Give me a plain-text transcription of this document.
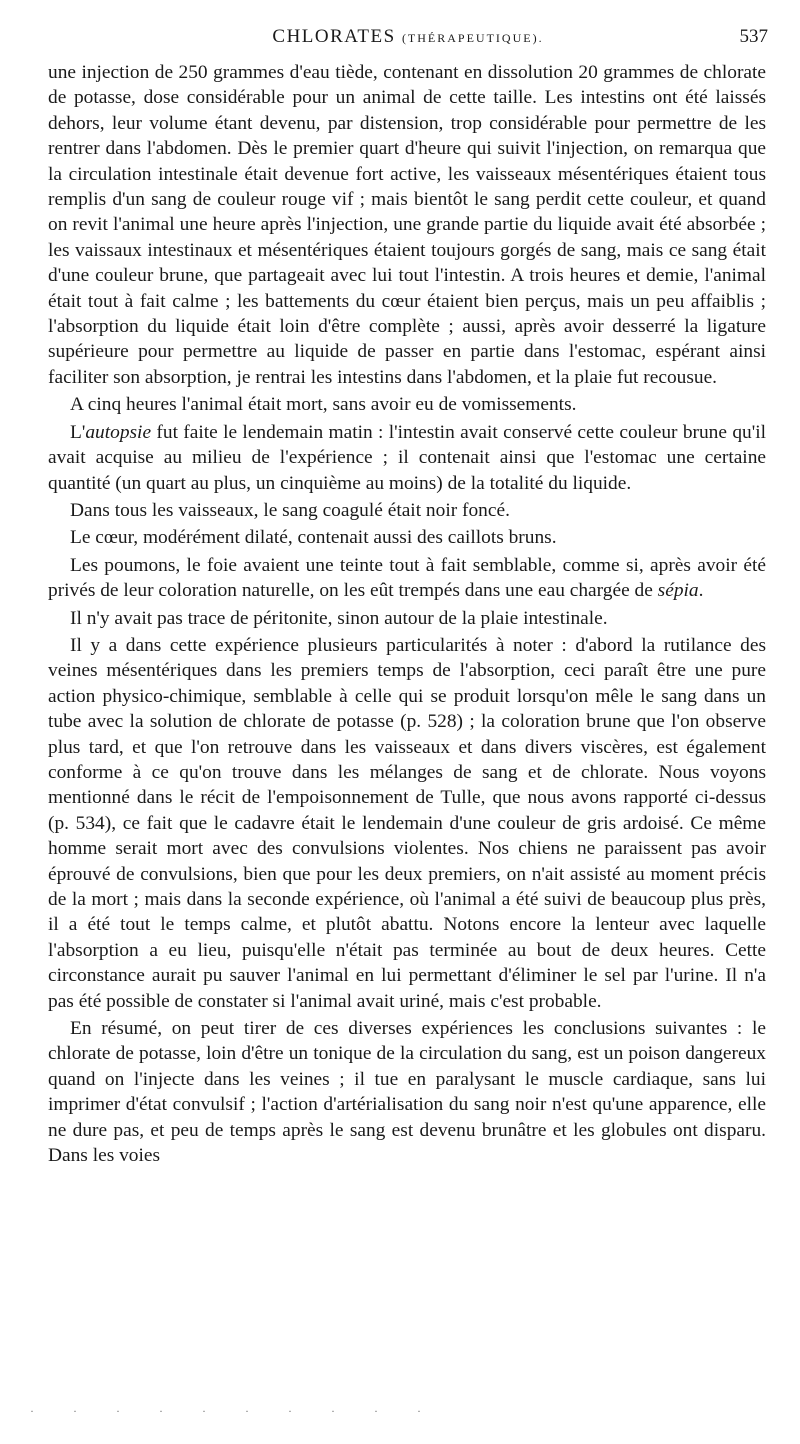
CHLORATES (THÉRAPEUTIQUE).	537

une injection de 250 grammes d'eau tiède, contenant en dissolution 20 grammes de chlorate de potasse, dose considérable pour un animal de cette taille. Les intestins ont été laissés dehors, leur volume étant devenu, par distension, trop considérable pour permettre de les rentrer dans l'abdomen. Dès le premier quart d'heure qui suivit l'injection, on remarqua que la circulation intestinale était devenue fort active, les vaisseaux mésentériques étaient tous remplis d'un sang de couleur rouge vif ; mais bientôt le sang perdit cette couleur, et quand on revit l'animal une heure après l'injection, une grande partie du liquide avait été absorbée ; les vaissaux intestinaux et mésentériques étaient toujours gorgés de sang, mais ce sang était d'une couleur brune, que partageait avec lui tout l'intestin. A trois heures et demie, l'animal était tout à fait calme ; les battements du cœur étaient bien perçus, mais un peu affaiblis ; l'absorption du liquide était loin d'être complète ; aussi, après avoir desserré la ligature supérieure pour permettre au liquide de passer en partie dans l'estomac, espérant ainsi faciliter son absorption, je rentrai les intestins dans l'abdomen, et la plaie fut recousue.

A cinq heures l'animal était mort, sans avoir eu de vomissements.

L'autopsie fut faite le lendemain matin : l'intestin avait conservé cette couleur brune qu'il avait acquise au milieu de l'expérience ; il contenait ainsi que l'estomac une certaine quantité (un quart au plus, un cinquième au moins) de la totalité du liquide.

Dans tous les vaisseaux, le sang coagulé était noir foncé.

Le cœur, modérément dilaté, contenait aussi des caillots bruns.

Les poumons, le foie avaient une teinte tout à fait semblable, comme si, après avoir été privés de leur coloration naturelle, on les eût trempés dans une eau chargée de sépia.

Il n'y avait pas trace de péritonite, sinon autour de la plaie intestinale.

Il y a dans cette expérience plusieurs particularités à noter : d'abord la rutilance des veines mésentériques dans les premiers temps de l'absorption, ceci paraît être une pure action physico-chimique, semblable à celle qui se produit lorsqu'on mêle le sang dans un tube avec la solution de chlorate de potasse (p. 528) ; la coloration brune que l'on observe plus tard, et que l'on retrouve dans les vaisseaux et dans divers viscères, est également conforme à ce qu'on trouve dans les mélanges de sang et de chlorate. Nous voyons mentionné dans le récit de l'empoisonnement de Tulle, que nous avons rapporté ci-dessus (p. 534), ce fait que le cadavre était le lendemain d'une couleur de gris ardoisé. Ce même homme serait mort avec des convulsions violentes. Nos chiens ne paraissent pas avoir éprouvé de convulsions, bien que pour les deux premiers, on n'ait assisté au moment précis de la mort ; mais dans la seconde expérience, où l'animal a été suivi de beaucoup plus près, il a été tout le temps calme, et plutôt abattu. Notons encore la lenteur avec laquelle l'absorption a eu lieu, puisqu'elle n'était pas terminée au bout de deux heures. Cette circonstance aurait pu sauver l'animal en lui permettant d'éliminer le sel par l'urine. Il n'a pas été possible de constater si l'animal avait uriné, mais c'est probable.

En résumé, on peut tirer de ces diverses expériences les conclusions suivantes : le chlorate de potasse, loin d'être un tonique de la circulation du sang, est un poison dangereux quand on l'injecte dans les veines ; il tue en paralysant le muscle cardiaque, sans lui imprimer d'état convulsif ; l'action d'artérialisation du sang noir n'est qu'une apparence, elle ne dure pas, et peu de temps après le sang est devenu brunâtre et les globules ont disparu. Dans les voies

· · · · · · · · · ·
